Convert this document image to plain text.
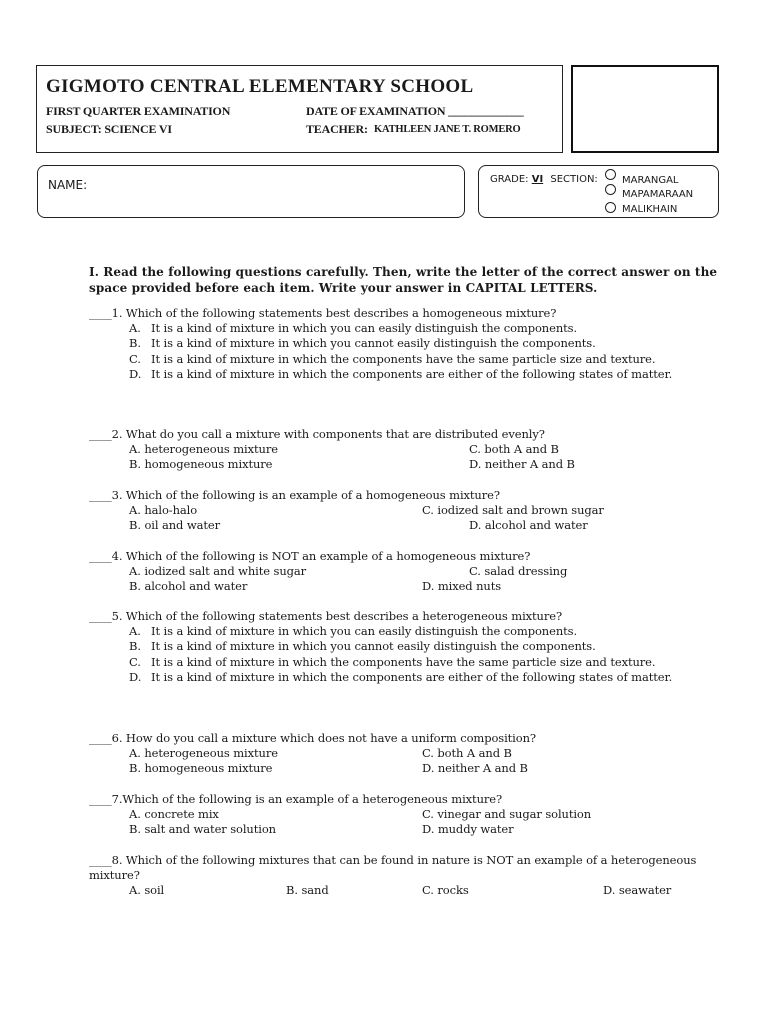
GIGMOTO CENTRAL ELEMENTARY SCHOOL
FIRST QUARTER EXAMINATION	DATE OF EXAMINATION _____________
SUBJECT: SCIENCE VI	TEACHER: KATHLEEN JANE T. ROMERO
NAME:	GRADE: VI SECTION: MARANGAL
MAPAMARAAN
MALIKHAIN
I. Read the following questions carefully. Then, write the letter of the correct answer on the space provided before each item. Write your answer in CAPITAL LETTERS.
____1. Which of the following statements best describes a homogeneous mixture?
A. It is a kind of mixture in which you can easily distinguish the components.
B. It is a kind of mixture in which you cannot easily distinguish the components.
C. It is a kind of mixture in which the components have the same particle size and texture.
D. It is a kind of mixture in which the components are either of the following states of matter.
____2. What do you call a mixture with components that are distributed evenly?
A. heterogeneous mixture	C. both A and B
B. homogeneous mixture	D. neither A and B
____3. Which of the following is an example of a homogeneous mixture?
A. halo-halo	C. iodized salt and brown sugar
B. oil and water	D. alcohol and water
____4. Which of the following is NOT an example of a homogeneous mixture?
A. iodized salt and white sugar	C. salad dressing
B. alcohol and water	D. mixed nuts
____5. Which of the following statements best describes a heterogeneous mixture?
A. It is a kind of mixture in which you can easily distinguish the components.
B. It is a kind of mixture in which you cannot easily distinguish the components.
C. It is a kind of mixture in which the components have the same particle size and texture.
D. It is a kind of mixture in which the components are either of the following states of matter.
____6. How do you call a mixture which does not have a uniform composition?
A. heterogeneous mixture	C. both A and B
B. homogeneous mixture	D. neither A and B
____7.Which of the following is an example of a heterogeneous mixture?
A. concrete mix	C. vinegar and sugar solution
B. salt and water solution	D. muddy water
____8. Which of the following mixtures that can be found in nature is NOT an example of a heterogeneous mixture?
A. soil	B. sand	C. rocks	D. seawater
